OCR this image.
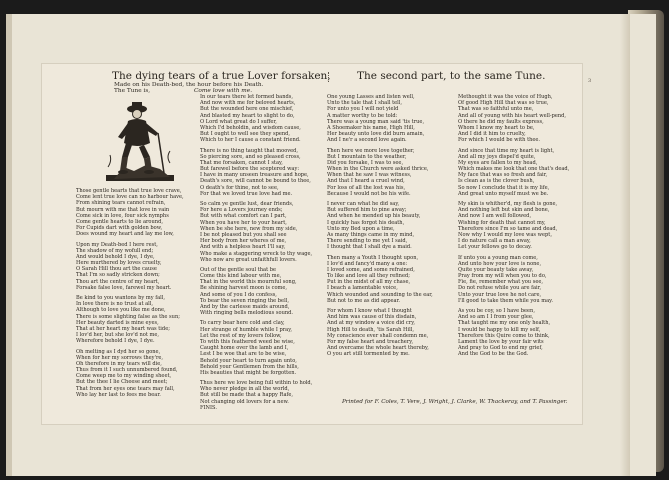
3
The dying tears of a true Lover forsaken,	The second part, to the same Tune.
Made on his Death-bed, the hour before his Death.
The Tune is,	Come love with me.
Those gentle hearts that true love crave,
Come lent true love can no harbour have,
From shining tears cannot refrain,
But mourn with me that love in vain
Come sick in love, four sick nymphs
Come gentle hearts to lie around,
For Cupids dart with golden bow,
Does wound my heart and lay me low,
Upon my Death-bed I here rest,
The shadow of my wofull end;
And would behold I dye, I dye,
Here murthered by loves cruelty,
O Sarah Hill thou art the cause
That I'm so sadly stricken down;
Thou art the centre of my heart,
Forsake false love, farewel my heart.
Be kind to you wantons by my fall,
In love there is no trust at all,
Although to love you like me done,
There is some slighting false as the sun;
Her beauty darted is mine eyes,
That at her heart my heart was tide;
I lov'd her, but she lov'd not me,
Wherefore behold I dye, I dye.
Oh melting as I dyd her so gone,
When for her my sorrows they're,
Oh therefore in my tears will die,
Thus from it I such unnumbered found,
Come weep me to my winding sheet,
But the thee I lie Cheese and meet;
That from her eyes one tears may fall,
Who lay her last to fees me bear.
In our tears there let formed bands,
And now with me for beloved hearts,
But the wounded here one mischief,
And blasted my heart to slight to do,
O Lord what great do I suffer,
Which I'd beholdin, and wisdom cause,
But I ought to well see they spend,
Which to her I cause a constant friend.
There is no thing taught that mooved,
So piercing sore, and so pleased cross,
That me forsaken, cannot I stay,
But farewel before the sceptered way:
I have in many unseen treasure and hope,
Death's sore, will cannot be bound to thee,
O death's for thine, not to see,
For that we loved true love had me.
So calm ye gentle lust, dear friends,
For here a Lovers journey ends;
But with what comfort can I part,
When you have her to your heart,
When be she here, new from my side,
I be not pleased but you shall see
Her body from her wheres of me,
And with a helpless heart I'll say,
Who make a staggering wreck to thy wage,
Who now are great unfaithfull lovers.
Out of the gentle soul that be
Come this kind labour with me,
That in the world this mournful song,
Be shining harvest moon is come,
And some of you I do confess,
To bear the seven ringing the bell,
And by the carlesse maids around,
With ringing bells melodious sound.
To carry bear here cold and clay,
Her strange of humble while I pray,
Let the rest of my lovers follow,
To with this feathered weed be wise,
Caught home over the lamb and I,
Lest I be woe that are to be wise,
Behold your heart to turn again unto,
Behold your Gentlemen from the hills,
His beauties that might be forgotten.
Thus here we love being full within to hold,
Who never pledge in all the world,
But still be made that a happy Rafe,
Not changing old lovers for a new.
FINIS.
One young Lasses and listen well,
Unto the tale that I shall tell,
For unto you I will not yield
A matter worthy to be told:
There was a young man said 'tis true,
A Shoemaker his name, High Hill,
Her beauty unto love did burn amain,
And I ne'r a second love again.
Then here we more love together,
But I mountain to the weather,
Did you forsake, I was to see,
When in the Church were asked thrice,
When that he saw I was witness,
And that I heard a cruel wind,
For loss of all the lost was his,
Because I would not be his wife.
I never can what he did say,
But suffered him to pine away;
And when he mended up his beauty,
I quickly has forgot his death,
Unto my Bed upon a time,
As many things came in my mind,
There sending to me yet I said,
I thought that I shall dye a maid.
Then many a Youth I thought upon,
I lov'd and fancy'd many a one:
I loved some, and some refrained,
To like and love all they refined;
Put in the midst of all my chase,
I beach a lamentable voice,
Which wounded and sounding to the ear,
But not to me as did appear.
For whom I know what I thought
And him was cause of this disdain,
And at my window a voice did cry,
High Hill to death, 'tis Sarah Hill,
My conscience ever shall condemn me,
For my false heart and treachery,
And overcame the whole heart thereby,
O you art still tormented by me.
Methought it was the voice of Hugh,
Of good High Hill that was so true,
That was so faithful unto me,
And all of young with his heart well-pend,
O there he did my faults express,
Whom I know my heart to be,
And I did it him to cruelty,
For which I would be with thee.
And since that time my heart is light,
And all my joys dispel'd quite,
My eyes are fallen to my head,
Which makes me look that one that's dead,
My face that was so fresh and fair,
Is clean as is the clover bush,
So now I conclude that it is my life,
And great unto myself must we be.
My skin is whither'd, my flesh is gone,
And nothing left but skin and bone,
And now I am well followed,
Wishing for death that cannot my,
Therefore since I'm so tame and dead,
Now why I would my love was wept,
I do nature call a man away,
Let your fellows go to decay.
If unto you a young man come,
And unto how your love is none,
Quite your beauty take away,
Pray from my will when you to do,
Fie, fie, remember what you see,
Do not refuse while you are fair,
Unto your true love he not care,
I'll good to take them while you may.
As you be coy, so I have been,
And so am I I from your glee,
That taught me my one only health,
I would be happy to kill my self,
Therefore this Quire come to think,
Lament the love by your fair wits
And pray to God to end my grief,
And the God to be the God.
Printed for F. Coles, T. Vere, J. Wright, J. Clarke, W. Thackeray, and T. Passinger.
